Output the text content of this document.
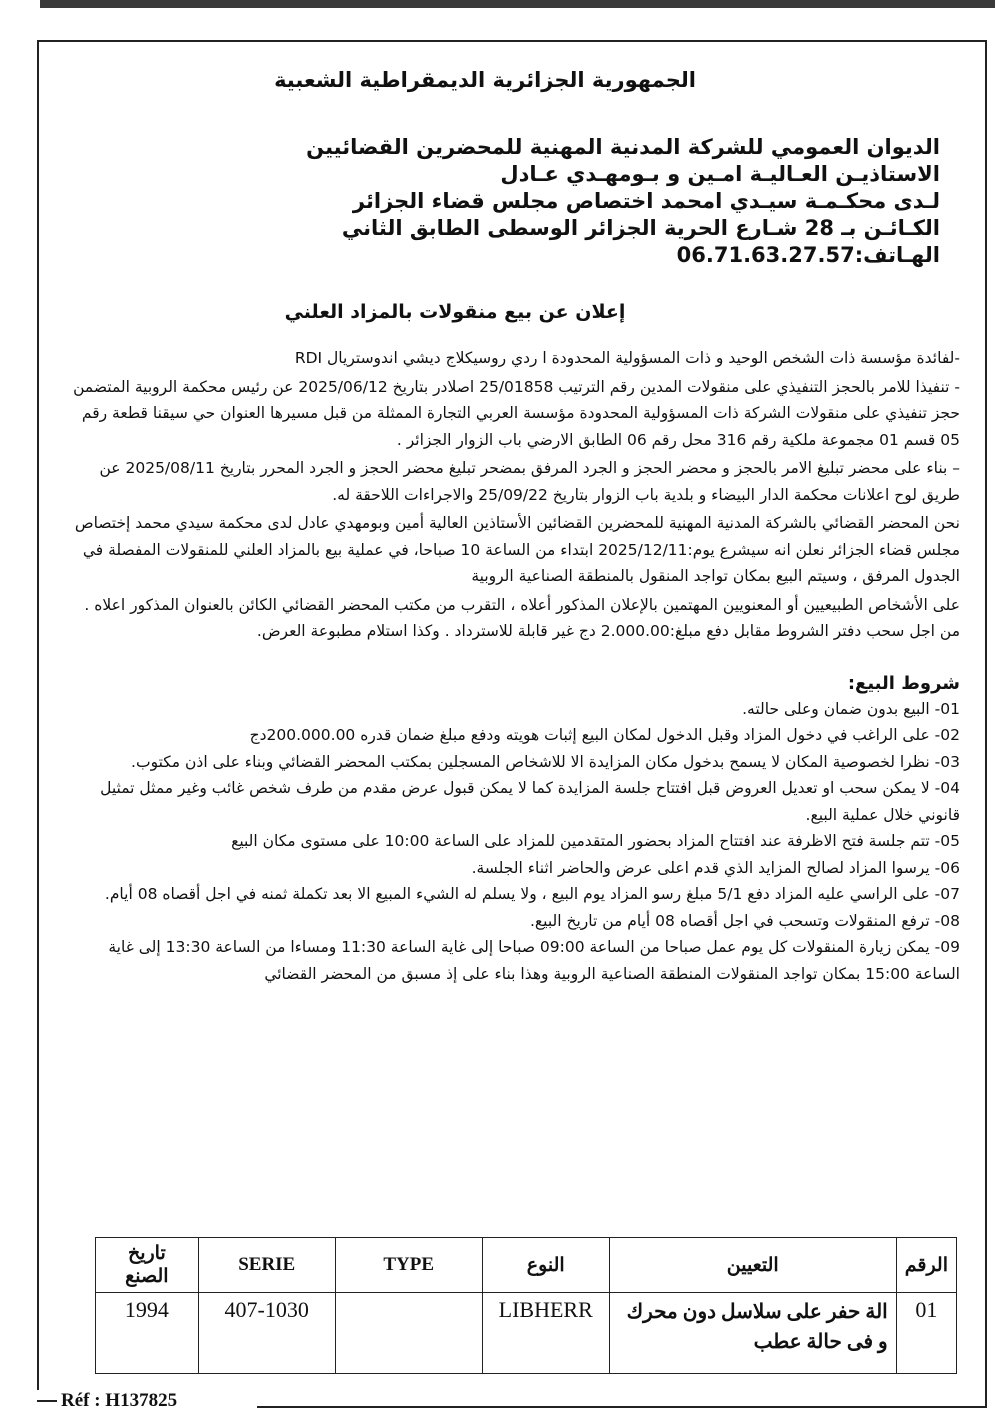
الجمهورية الجزائرية الديمقراطية الشعبية
الديوان العمومي للشركة المدنية المهنية للمحضرين القضائيين
الاستاذيـن العـاليـة امـين و بـومهـدي عـادل
لـدى محكـمـة سيـدي امحمد اختصاص مجلس قضاء الجزائر
الكـائـن بـ 28 شـارع الحرية الجزائر الوسطى الطابق الثاني
الهـاتف:06.71.63.27.57
إعلان عن بيع منقولات بالمزاد العلني

-لفائدة مؤسسة ذات الشخص الوحيد و ذات المسؤولية المحدودة ا ردي روسيكلاج ديشي اندوستريال RDI

- تنفيذا للامر بالحجز التنفيذي على منقولات المدين رقم الترتيب 25/01858 اصلادر بتاريخ 2025/06/12 عن رئيس محكمة الروبية المتضمن حجز تنفيذي على منقولات الشركة ذات المسؤولية المحدودة مؤسسة العربي التجارة الممثلة من قبل مسيرها العنوان حي سيقنا قطعة رقم 05 قسم 01 مجموعة ملكية رقم 316 محل رقم 06 الطابق الارضي باب الزوار الجزائر .

– بناء على محضر تبليغ الامر بالحجز و محضر الحجز و الجرد المرفق بمضحر تبليغ محضر الحجز و الجرد المحرر بتاريخ 2025/08/11 عن طريق لوح اعلانات محكمة الدار البيضاء و بلدية باب الزوار بتاريخ 25/09/22 والاجراءات اللاحقة له.

نحن المحضر القضائي بالشركة المدنية المهنية للمحضرين القضائين الأستاذين العالية أمين وبومهدي عادل لدى محكمة سيدي محمد إختصاص مجلس قضاء الجزائر نعلن انه سيشرع يوم:2025/12/11 ابتداء من الساعة 10 صباحا، في عملية بيع بالمزاد العلني للمنقولات المفصلة في الجدول المرفق ، وسيتم البيع بمكان تواجد المنقول بالمنطقة الصناعية الروبية

على الأشخاص الطبيعيين أو المعنويين المهتمين بالإعلان المذكور أعلاه ، التقرب من مكتب المحضر القضائي الكائن بالعنوان المذكور اعلاه . من اجل سحب دفتر الشروط مقابل دفع مبلغ:2.000.00 دج غير قابلة للاسترداد . وكذا استلام مطبوعة العرض.

شروط البيع:

01- البيع بدون ضمان وعلى حالته.

02- على الراغب في دخول المزاد وقبل الدخول لمكان البيع إثبات هويته ودفع مبلغ ضمان قدره 200.000.00دج

03- نظرا لخصوصية المكان لا يسمح بدخول مكان المزايدة الا للاشخاص المسجلين بمكتب المحضر القضائي وبناء على اذن مكتوب.

04- لا يمكن سحب او تعديل العروض قبل افتتاح جلسة المزايدة كما لا يمكن قبول عرض مقدم من طرف شخص غائب وغير ممثل تمثيل قانوني خلال عملية البيع.

05- تتم جلسة فتح الاظرفة عند افتتاح المزاد بحضور المتقدمين للمزاد على الساعة 10:00 على مستوى مكان البيع

06- يرسوا المزاد لصالح المزايد الذي قدم اعلى عرض والحاضر اثناء الجلسة.

07- على الراسي عليه المزاد دفع 5/1 مبلغ رسو المزاد يوم البيع ، ولا يسلم له الشيء المبيع الا بعد تكملة ثمنه في اجل أقصاه 08 أيام.

08- ترفع المنقولات وتسحب في اجل أقصاه 08 أيام من تاريخ البيع.

09- يمكن زيارة المنقولات كل يوم عمل صباحا من الساعة 09:00 صباحا إلى غاية الساعة 11:30 ومساءا من الساعة 13:30 إلى غاية الساعة 15:00 بمكان تواجد المنقولات المنطقة الصناعية الروبية وهذا بناء على إذ مسبق من المحضر القضائي

الرقم	التعيين	النوع	TYPE	SERIE	تاريخ الصنع
01	الة حفر على سلاسل دون محرك و فى حالة عطب	LIBHERR		407-1030	1994
Réf : H137825
